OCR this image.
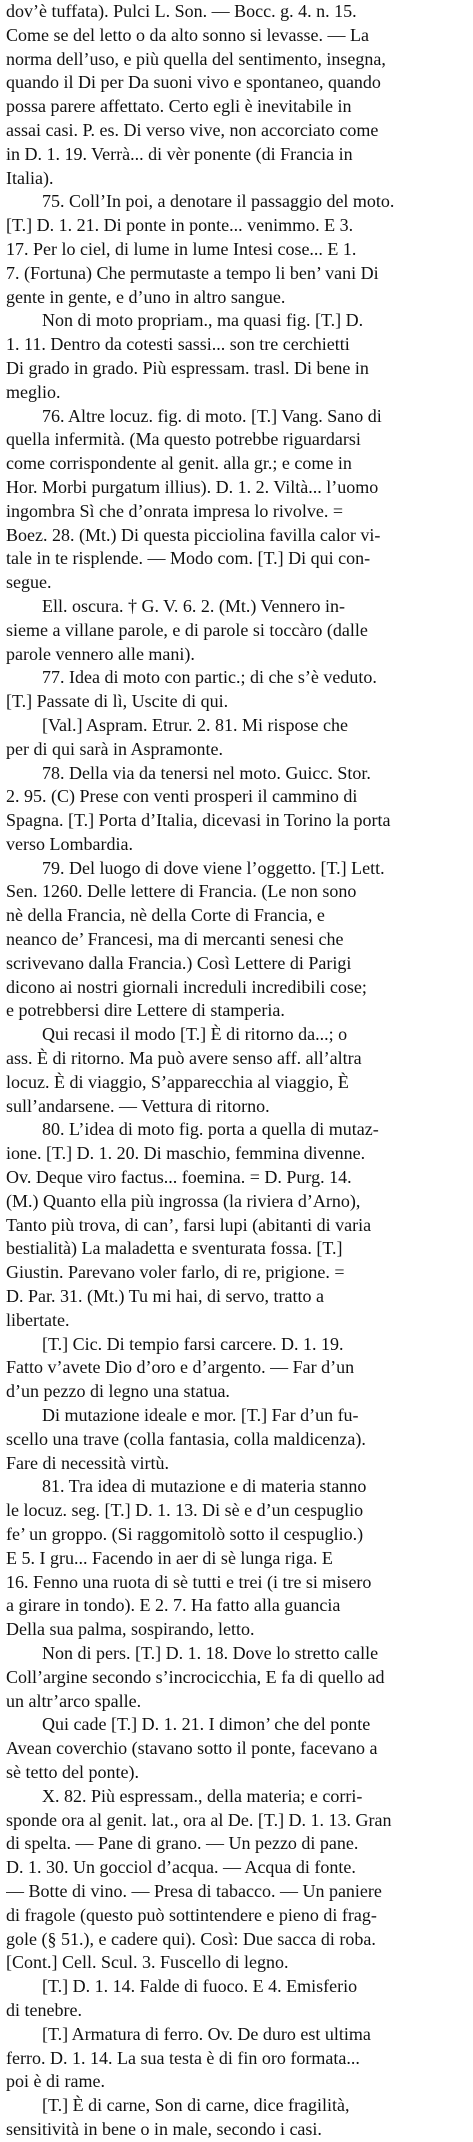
dov’è tuffata). Pulci L. Son. — Bocc. g. 4. n. 15.
Come se del letto o da alto sonno si levasse. — La
norma dell’uso, e più quella del sentimento, insegna,
quando il Di per Da suoni vivo e spontaneo, quando
possa parere affettato. Certo egli è inevitabile in
assai casi. P. es. Di verso vive, non accorciato come
in D. 1. 19. Verrà... di vèr ponente (di Francia in
Italia).
75. Coll’In poi, a denotare il passaggio del moto.
[T.] D. 1. 21. Di ponte in ponte... venimmo. E 3.
17. Per lo ciel, di lume in lume Intesi cose... E 1.
7. (Fortuna) Che permutaste a tempo li ben’ vani Di
gente in gente, e d’uno in altro sangue.
Non di moto propriam., ma quasi fig. [T.] D.
1. 11. Dentro da cotesti sassi... son tre cerchietti
Di grado in grado. Più espressam. trasl. Di bene in
meglio.
76. Altre locuz. fig. di moto. [T.] Vang. Sano di
quella infermità. (Ma questo potrebbe riguardarsi
come corrispondente al genit. alla gr.; e come in
Hor. Morbi purgatum illius). D. 1. 2. Viltà... l’uomo
ingombra Sì che d’onrata impresa lo rivolve. =
Boez. 28. (Mt.) Di questa picciolina favilla calor vi-
tale in te risplende. — Modo com. [T.] Di qui con-
segue.
Ell. oscura. † G. V. 6. 2. (Mt.) Vennero in-
sieme a villane parole, e di parole si toccàro (dalle
parole vennero alle mani).
77. Idea di moto con partic.; di che s’è veduto.
[T.] Passate di lì, Uscite di qui.
[Val.] Aspram. Etrur. 2. 81. Mi rispose che
per di qui sarà in Aspramonte.
78. Della via da tenersi nel moto. Guicc. Stor.
2. 95. (C) Prese con venti prosperi il cammino di
Spagna. [T.] Porta d’Italia, dicevasi in Torino la porta
verso Lombardia.
79. Del luogo di dove viene l’oggetto. [T.] Lett.
Sen. 1260. Delle lettere di Francia. (Le non sono
nè della Francia, nè della Corte di Francia, e
neanco de’ Francesi, ma di mercanti senesi che
scrivevano dalla Francia.) Così Lettere di Parigi
dicono ai nostri giornali increduli incredibili cose;
e potrebbersi dire Lettere di stamperia.
Qui recasi il modo [T.] È di ritorno da...; o
ass. È di ritorno. Ma può avere senso aff. all’altra
locuz. È di viaggio, S’apparecchia al viaggio, È
sull’andarsene. — Vettura di ritorno.
80. L’idea di moto fig. porta a quella di mutaz-
ione. [T.] D. 1. 20. Di maschio, femmina divenne.
Ov. Deque viro factus... foemina. = D. Purg. 14.
(M.) Quanto ella più ingrossa (la riviera d’Arno),
Tanto più trova, di can’, farsi lupi (abitanti di varia
bestialità) La maladetta e sventurata fossa. [T.]
Giustin. Parevano voler farlo, di re, prigione. =
D. Par. 31. (Mt.) Tu mi hai, di servo, tratto a
libertate.
[T.] Cic. Di tempio farsi carcere. D. 1. 19.
Fatto v’avete Dio d’oro e d’argento. — Far d’un
d’un pezzo di legno una statua.
Di mutazione ideale e mor. [T.] Far d’un fu-
scello una trave (colla fantasia, colla maldicenza).
Fare di necessità virtù.
81. Tra idea di mutazione e di materia stanno
le locuz. seg. [T.] D. 1. 13. Di sè e d’un cespuglio
fe’ un groppo. (Si raggomitolò sotto il cespuglio.)
E 5. I gru... Facendo in aer di sè lunga riga. E
16. Fenno una ruota di sè tutti e trei (i tre si misero
a girare in tondo). E 2. 7. Ha fatto alla guancia
Della sua palma, sospirando, letto.
Non di pers. [T.] D. 1. 18. Dove lo stretto calle
Coll’argine secondo s’incrocicchia, E fa di quello ad
un altr’arco spalle.
Qui cade [T.] D. 1. 21. I dimon’ che del ponte
Avean coverchio (stavano sotto il ponte, facevano a
sè tetto del ponte).
X. 82. Più espressam., della materia; e corri-
sponde ora al genit. lat., ora al De. [T.] D. 1. 13. Gran
di spelta. — Pane di grano. — Un pezzo di pane.
D. 1. 30. Un gocciol d’acqua. — Acqua di fonte.
— Botte di vino. — Presa di tabacco. — Un paniere
di fragole (questo può sottintendere e pieno di frag-
gole (§ 51.), e cadere qui). Così: Due sacca di roba.
[Cont.] Cell. Scul. 3. Fuscello di legno.
[T.] D. 1. 14. Falde di fuoco. E 4. Emisferio
di tenebre.
[T.] Armatura di ferro. Ov. De duro est ultima
ferro. D. 1. 14. La sua testa è di fin oro formata...
poi è di rame.
[T.] È di carne, Son di carne, dice fragilità,
sensitività in bene o in male, secondo i casi.
